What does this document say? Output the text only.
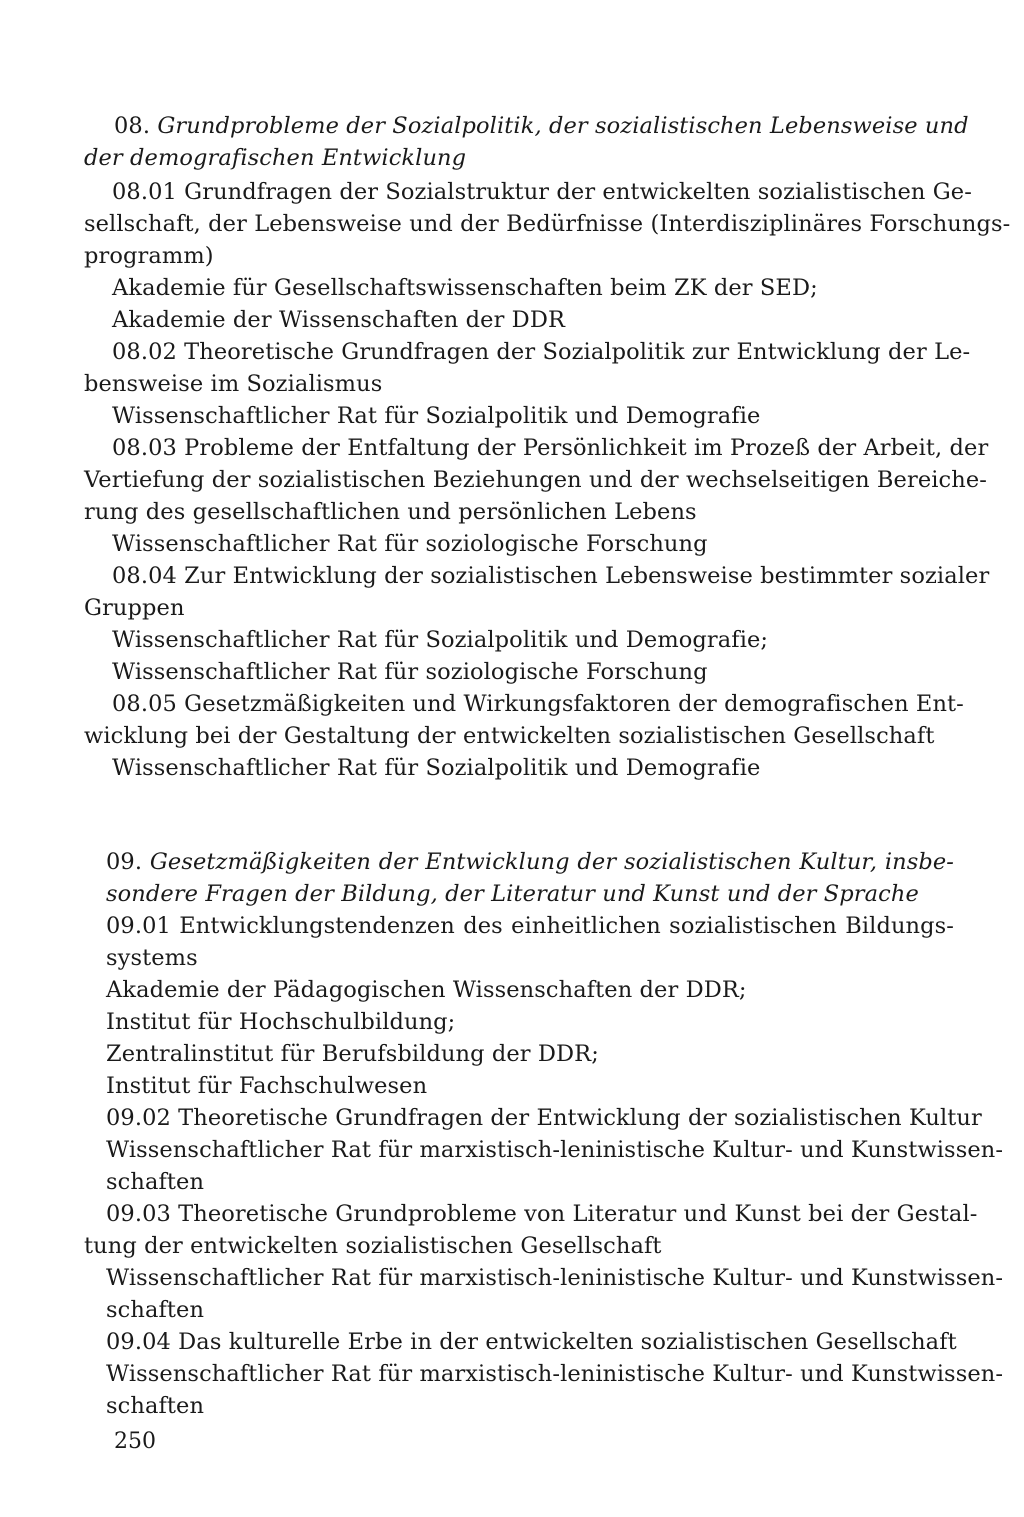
08. Grundprobleme der Sozialpolitik, der sozialistischen Lebensweise und
der demografischen Entwicklung
08.01 Grundfragen der Sozialstruktur der entwickelten sozialistischen Ge-
sellschaft, der Lebensweise und der Bedürfnisse (Interdisziplinäres Forschungs-
programm)
Akademie für Gesellschaftswissenschaften beim ZK der SED;
Akademie der Wissenschaften der DDR
08.02 Theoretische Grundfragen der Sozialpolitik zur Entwicklung der Le-
bensweise im Sozialismus
Wissenschaftlicher Rat für Sozialpolitik und Demografie
08.03 Probleme der Entfaltung der Persönlichkeit im Prozeß der Arbeit, der
Vertiefung der sozialistischen Beziehungen und der wechselseitigen Bereiche-
rung des gesellschaftlichen und persönlichen Lebens
Wissenschaftlicher Rat für soziologische Forschung
08.04 Zur Entwicklung der sozialistischen Lebensweise bestimmter sozialer
Gruppen
Wissenschaftlicher Rat für Sozialpolitik und Demografie;
Wissenschaftlicher Rat für soziologische Forschung
08.05 Gesetzmäßigkeiten und Wirkungsfaktoren der demografischen Ent-
wicklung bei der Gestaltung der entwickelten sozialistischen Gesellschaft
Wissenschaftlicher Rat für Sozialpolitik und Demografie
09. Gesetzmäßigkeiten der Entwicklung der sozialistischen Kultur, insbe-
sondere Fragen der Bildung, der Literatur und Kunst und der Sprache
09.01 Entwicklungstendenzen des einheitlichen sozialistischen Bildungs-
systems
Akademie der Pädagogischen Wissenschaften der DDR;
Institut für Hochschulbildung;
Zentralinstitut für Berufsbildung der DDR;
Institut für Fachschulwesen
09.02 Theoretische Grundfragen der Entwicklung der sozialistischen Kultur
Wissenschaftlicher Rat für marxistisch-leninistische Kultur- und Kunstwissen-
schaften
09.03 Theoretische Grundprobleme von Literatur und Kunst bei der Gestal-
tung der entwickelten sozialistischen Gesellschaft
Wissenschaftlicher Rat für marxistisch-leninistische Kultur- und Kunstwissen-
schaften
09.04 Das kulturelle Erbe in der entwickelten sozialistischen Gesellschaft
Wissenschaftlicher Rat für marxistisch-leninistische Kultur- und Kunstwissen-
schaften
250
